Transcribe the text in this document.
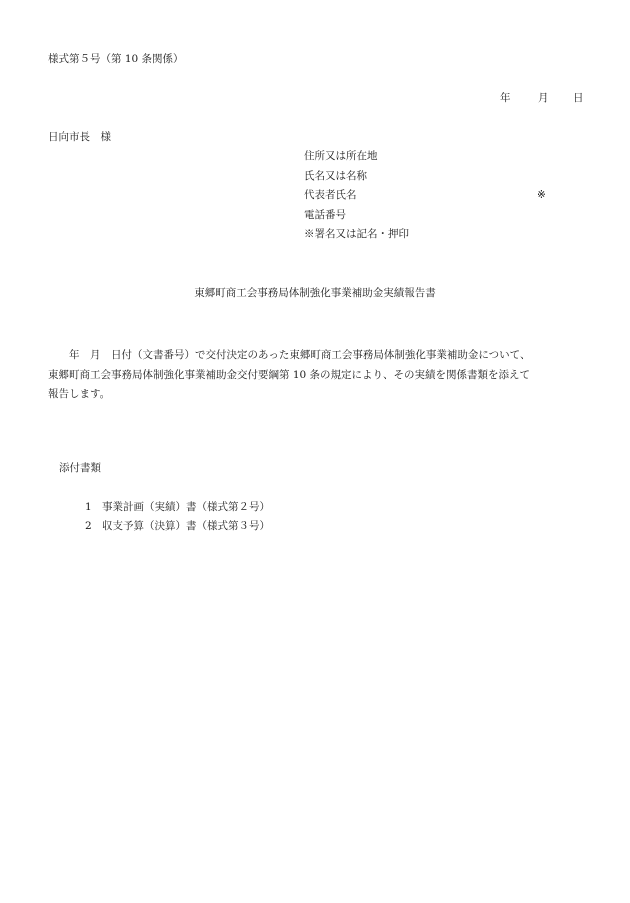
様式第５号（第 10 条関係）
年	月 日
日向市長　様
住所又は所在地
氏名又は名称
代表者氏名	※
電話番号
※署名又は記名・押印
東郷町商工会事務局体制強化事業補助金実績報告書
年　月　日付（文書番号）で交付決定のあった東郷町商工会事務局体制強化事業補助金について、
東郷町商工会事務局体制強化事業補助金交付要綱第 10 条の規定により、その実績を関係書類を添えて
報告します。
添付書類
1 事業計画（実績）書（様式第２号）
2 収支予算（決算）書（様式第３号）
